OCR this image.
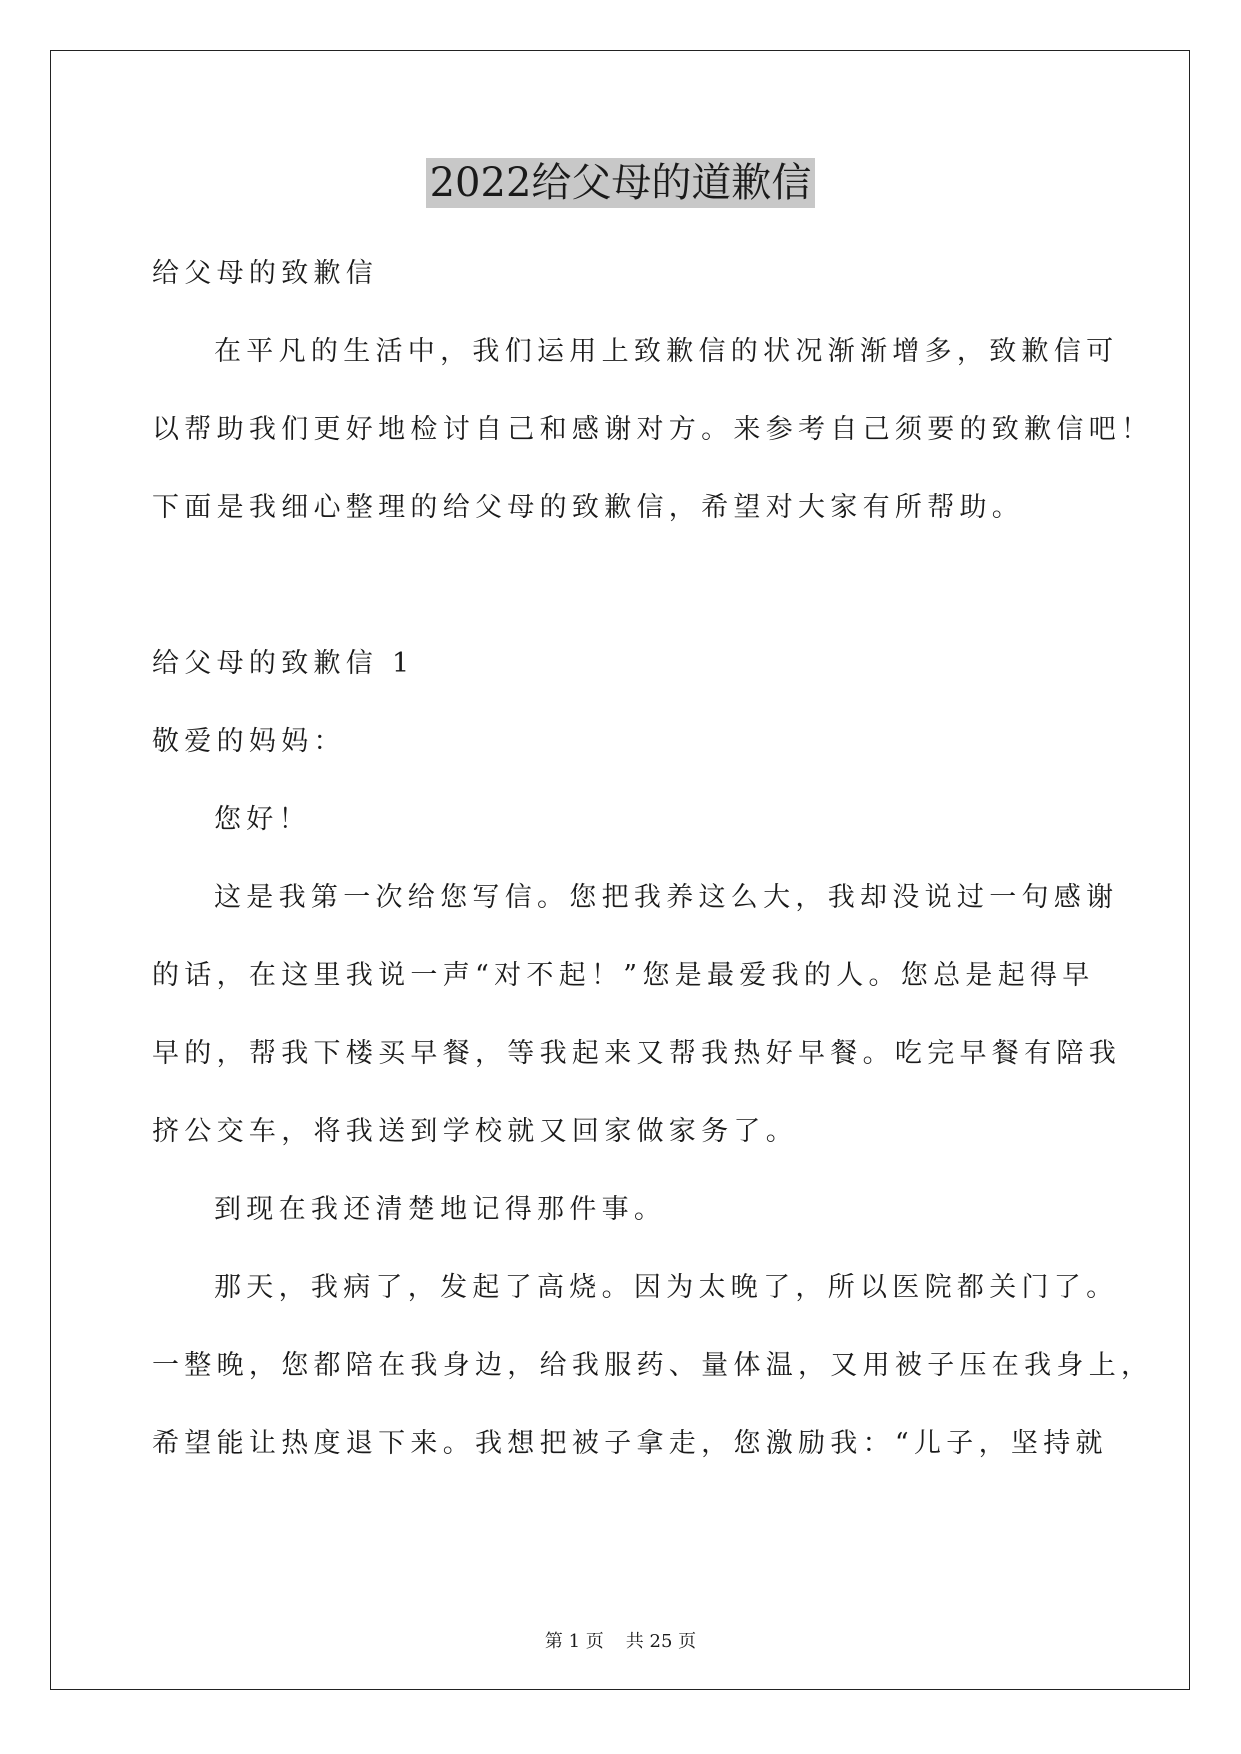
2022给父母的道歉信
给父母的致歉信
在平凡的生活中，我们运用上致歉信的状况渐渐增多，致歉信可
以帮助我们更好地检讨自己和感谢对方。来参考自己须要的致歉信吧！
下面是我细心整理的给父母的致歉信，希望对大家有所帮助。
给父母的致歉信 1
敬爱的妈妈：
您好！
这是我第一次给您写信。您把我养这么大，我却没说过一句感谢
的话，在这里我说一声“对不起！”您是最爱我的人。您总是起得早
早的，帮我下楼买早餐，等我起来又帮我热好早餐。吃完早餐有陪我
挤公交车，将我送到学校就又回家做家务了。
到现在我还清楚地记得那件事。
那天，我病了，发起了高烧。因为太晚了，所以医院都关门了。
一整晚，您都陪在我身边，给我服药、量体温，又用被子压在我身上，
希望能让热度退下来。我想把被子拿走，您激励我：“儿子，坚持就
第 1 页 共 25 页
